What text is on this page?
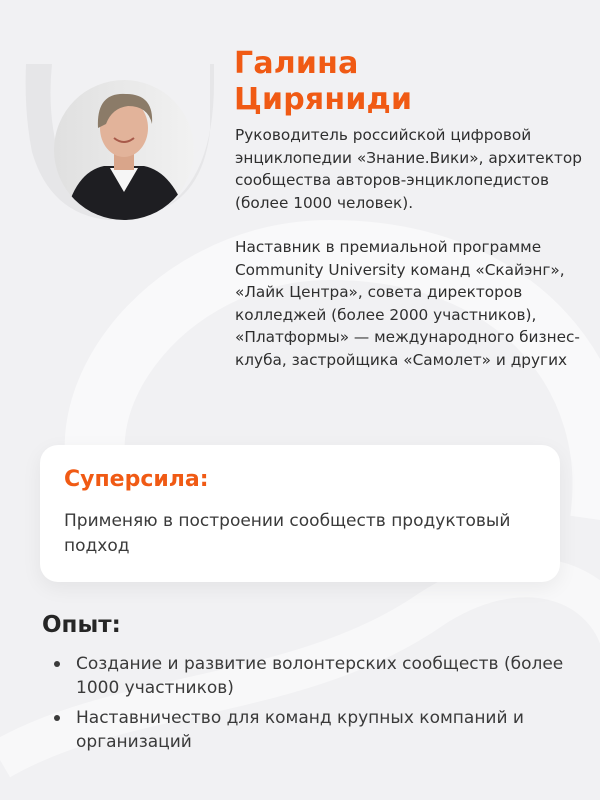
Галина
Циряниди

Руководитель российской цифровой энциклопедии «Знание.Вики», архитектор сообщества авторов-энциклопедистов (более 1000 человек).

Наставник в премиальной программе Community University команд «Скайэнг», «Лайк Центра», совета директоров колледжей (более 2000 участников), «Платформы» — международного бизнес-клуба, застройщика «Самолет» и других

Суперсила:

Применяю в построении сообществ продуктовый подход

Опыт:
Создание и развитие волонтерских сообществ (более 1000 участников)
Наставничество для команд крупных компаний и организаций
